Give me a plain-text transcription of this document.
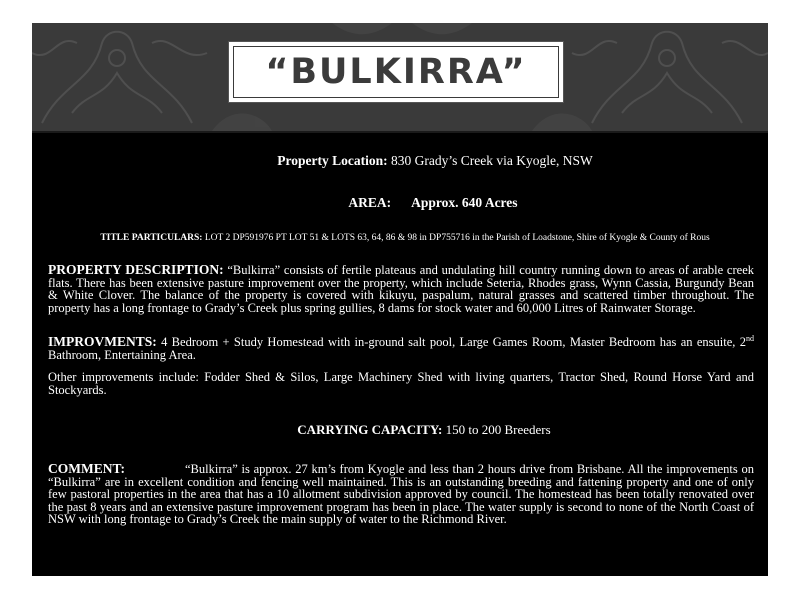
“BULKIRRA”
Property Location: 830 Grady’s Creek via Kyogle, NSW
AREA: Approx. 640 Acres
TITLE PARTICULARS: LOT 2 DP591976 PT LOT 51 & LOTS 63, 64, 86 & 98 in DP755716 in the Parish of Loadstone, Shire of Kyogle & County of Rous
PROPERTY DESCRIPTION: “Bulkirra” consists of fertile plateaus and undulating hill country running down to areas of arable creek flats. There has been extensive pasture improvement over the property, which include Seteria, Rhodes grass, Wynn Cassia, Burgundy Bean & White Clover. The balance of the property is covered with kikuyu, paspalum, natural grasses and scattered timber throughout. The property has a long frontage to Grady’s Creek plus spring gullies, 8 dams for stock water and 60,000 Litres of Rainwater Storage.
IMPROVMENTS: 4 Bedroom + Study Homestead with in-ground salt pool, Large Games Room, Master Bedroom has an ensuite, 2nd Bathroom, Entertaining Area.
Other improvements include: Fodder Shed & Silos, Large Machinery Shed with living quarters, Tractor Shed, Round Horse Yard and Stockyards.
CARRYING CAPACITY: 150 to 200 Breeders
COMMENT:	“Bulkirra” is approx. 27 km’s from Kyogle and less than 2 hours drive from Brisbane. All the improvements on “Bulkirra” are in excellent condition and fencing well maintained. This is an outstanding breeding and fattening property and one of only few pastoral properties in the area that has a 10 allotment subdivision approved by council. The homestead has been totally renovated over the past 8 years and an extensive pasture improvement program has been in place. The water supply is second to none of the North Coast of NSW with long frontage to Grady’s Creek the main supply of water to the Richmond River.
